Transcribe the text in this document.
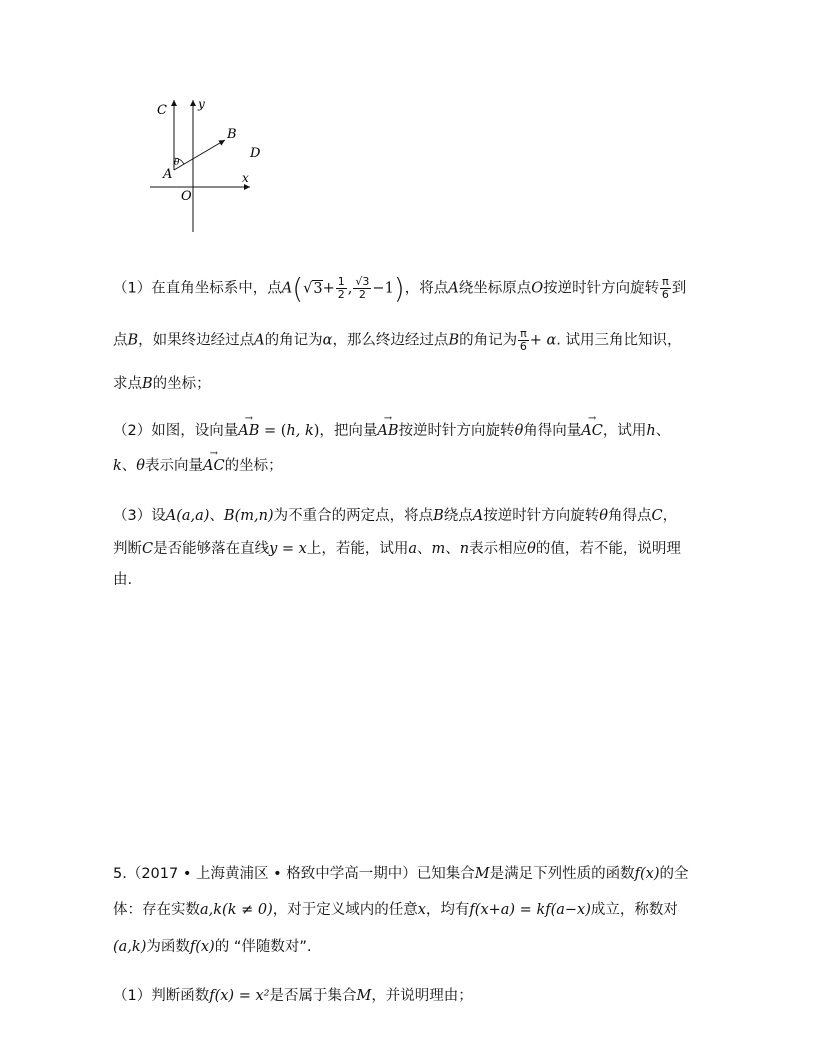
C	y
B
D
θ
A	x
O
（1）在直角坐标系中，点$A(√3+ \frac{1}{2}$ , $\frac{√3}{2} -1$)，将点A绕坐标原点O按逆时针方向旋转 $\frac{\pi}{6}$ 到
点B，如果终边经过点A的角记为α，那么终边经过点B的角记为 $\frac{\pi}{6} + \alpha$. 试用三角比知识，
求点B的坐标；
（2）如图，设向量→ AB = (h, k)，把向量→ AB按逆时针方向旋转θ角得向量→ AC，试用h、
k、θ表示向量→ AC的坐标；
（3）设A(a,a)、B(m,n)为不重合的两定点，将点B绕点A按逆时针方向旋转θ角得点C，
判断C是否能够落在直线y = x上，若能，试用a、m、n表示相应θ的值，若不能，说明理
由.
5.（2017 • 上海黄浦区 • 格致中学高一期中）已知集合M是满足下列性质的函数f(x)的全
体：存在实数a,k(k ≠ 0)，对于定义域内的任意x，均有f(x+a) = kf(a−x)成立，称数对
(a,k)为函数f(x)的 “伴随数对”.
（1）判断函数f(x) = x²是否属于集合M，并说明理由；
